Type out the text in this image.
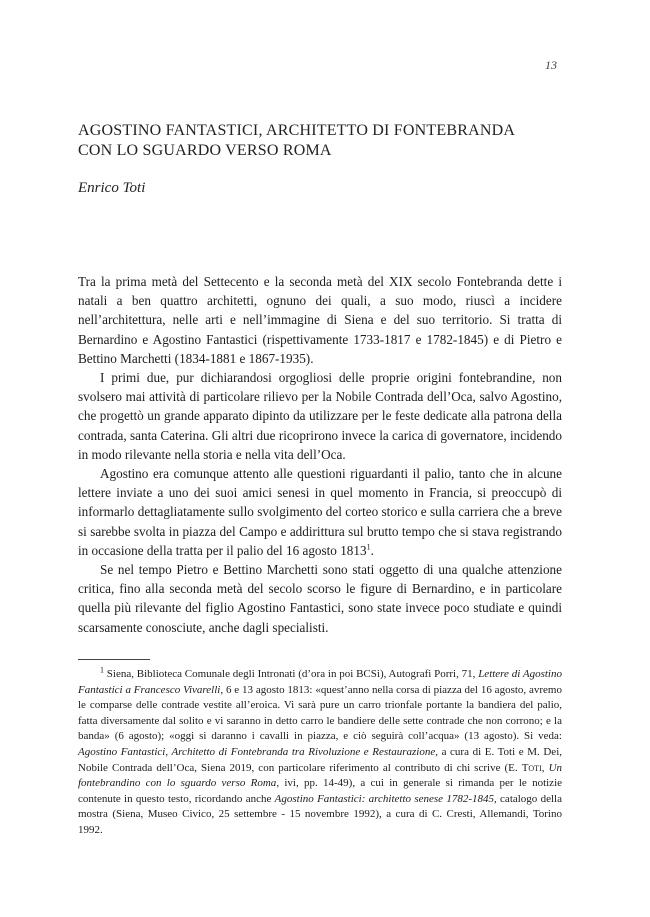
13
AGOSTINO FANTASTICI, ARCHITETTO DI FONTEBRANDA
CON LO SGUARDO VERSO ROMA
Enrico Toti

Tra la prima metà del Settecento e la seconda metà del XIX secolo Fontebranda dette i natali a ben quattro architetti, ognuno dei quali, a suo modo, riuscì a incidere nell’architettura, nelle arti e nell’immagine di Siena e del suo territorio. Si tratta di Bernardino e Agostino Fantastici (rispettivamente 1733-1817 e 1782-1845) e di Pietro e Bettino Marchetti (1834-1881 e 1867-1935).

I primi due, pur dichiarandosi orgogliosi delle proprie origini fontebrandine, non svolsero mai attività di particolare rilievo per la Nobile Contrada dell’Oca, salvo Agostino, che progettò un grande apparato dipinto da utilizzare per le feste dedicate alla patrona della contrada, santa Caterina. Gli altri due ricoprirono invece la carica di governatore, incidendo in modo rilevante nella storia e nella vita dell’Oca.

Agostino era comunque attento alle questioni riguardanti il palio, tanto che in alcune lettere inviate a uno dei suoi amici senesi in quel momento in Francia, si preoccupò di informarlo dettagliatamente sullo svolgimento del corteo storico e sulla carriera che a breve si sarebbe svolta in piazza del Campo e addirittura sul brutto tempo che si stava registrando in occasione della tratta per il palio del 16 agosto 1813$^1$.

Se nel tempo Pietro e Bettino Marchetti sono stati oggetto di una qualche attenzione critica, fino alla seconda metà del secolo scorso le figure di Bernardino, e in particolare quella più rilevante del figlio Agostino Fantastici, sono state invece poco studiate e quindi scarsamente conosciute, anche dagli specialisti.

$^1$ Siena, Biblioteca Comunale degli Intronati (d’ora in poi BCSi), Autografi Porri, 71, Lettere di Agostino Fantastici a Francesco Vivarelli, 6 e 13 agosto 1813: «quest’anno nella corsa di piazza del 16 agosto, avremo le comparse delle contrade vestite all’eroica. Vi sarà pure un carro trionfale portante la bandiera del palio, fatta diversamente dal solito e vi saranno in detto carro le bandiere delle sette contrade che non corrono; e la banda» (6 agosto); «oggi si daranno i cavalli in piazza, e ciò seguirà coll’acqua» (13 agosto). Si veda: Agostino Fantastici, Architetto di Fontebranda tra Rivoluzione e Restaurazione, a cura di E. Toti e M. Dei, Nobile Contrada dell’Oca, Siena 2019, con particolare riferimento al contributo di chi scrive (E. Toti, Un fontebrandino con lo sguardo verso Roma, ivi, pp. 14-49), a cui in generale si rimanda per le notizie contenute in questo testo, ricordando anche Agostino Fantastici: architetto senese 1782-1845, catalogo della mostra (Siena, Museo Civico, 25 settembre - 15 novembre 1992), a cura di C. Cresti, Allemandi, Torino 1992.
